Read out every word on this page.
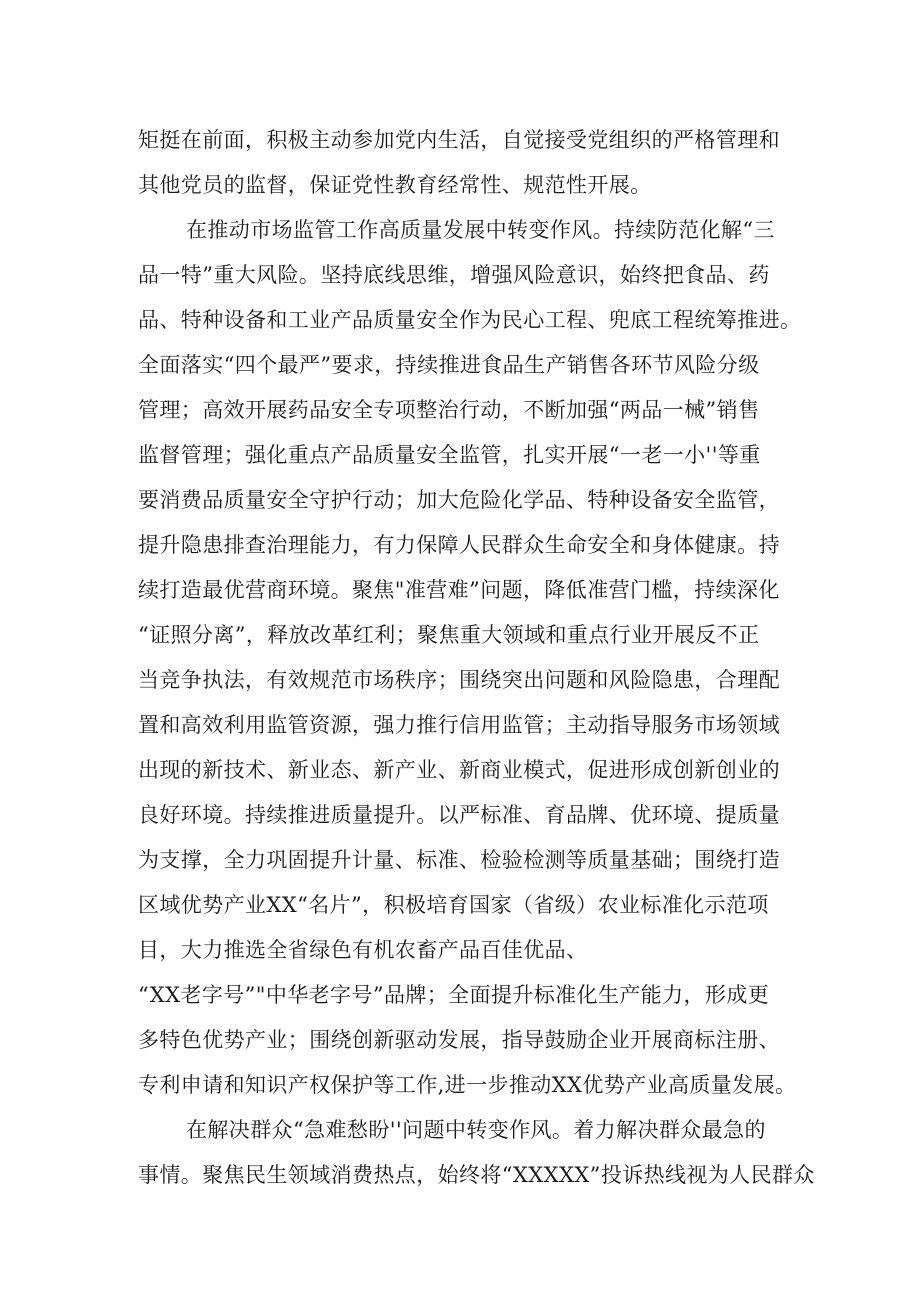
矩挺在前面，积极主动参加党内生活，自觉接受党组织的严格管理和
其他党员的监督，保证党性教育经常性、规范性开展。
在推动市场监管工作高质量发展中转变作风。持续防范化解“三
品一特”重大风险。坚持底线思维，增强风险意识，始终把食品、药
品、特种设备和工业产品质量安全作为民心工程、兜底工程统筹推进。
全面落实“四个最严”要求，持续推进食品生产销售各环节风险分级
管理；高效开展药品安全专项整治行动，不断加强“两品一械”销售
监督管理；强化重点产品质量安全监管，扎实开展“一老一小''等重
要消费品质量安全守护行动；加大危险化学品、特种设备安全监管，
提升隐患排查治理能力，有力保障人民群众生命安全和身体健康。持
续打造最优营商环境。聚焦"准营难”问题，降低准营门槛，持续深化
“证照分离”，释放改革红利；聚焦重大领域和重点行业开展反不正
当竞争执法，有效规范市场秩序；围绕突出问题和风险隐患，合理配
置和高效利用监管资源，强力推行信用监管；主动指导服务市场领域
出现的新技术、新业态、新产业、新商业模式，促进形成创新创业的
良好环境。持续推进质量提升。以严标准、育品牌、优环境、提质量
为支撑，全力巩固提升计量、标准、检验检测等质量基础；围绕打造
区域优势产业XX“名片”，积极培育国家（省级）农业标准化示范项
目，大力推选全省绿色有机农畜产品百佳优品、
“XX老字号”"中华老字号”品牌；全面提升标准化生产能力，形成更
多特色优势产业；围绕创新驱动发展，指导鼓励企业开展商标注册、
专利申请和知识产权保护等工作,进一步推动XX优势产业高质量发展。
在解决群众“急难愁盼''问题中转变作风。着力解决群众最急的
事情。聚焦民生领域消费热点，始终将“XXXXX”投诉热线视为人民群众
